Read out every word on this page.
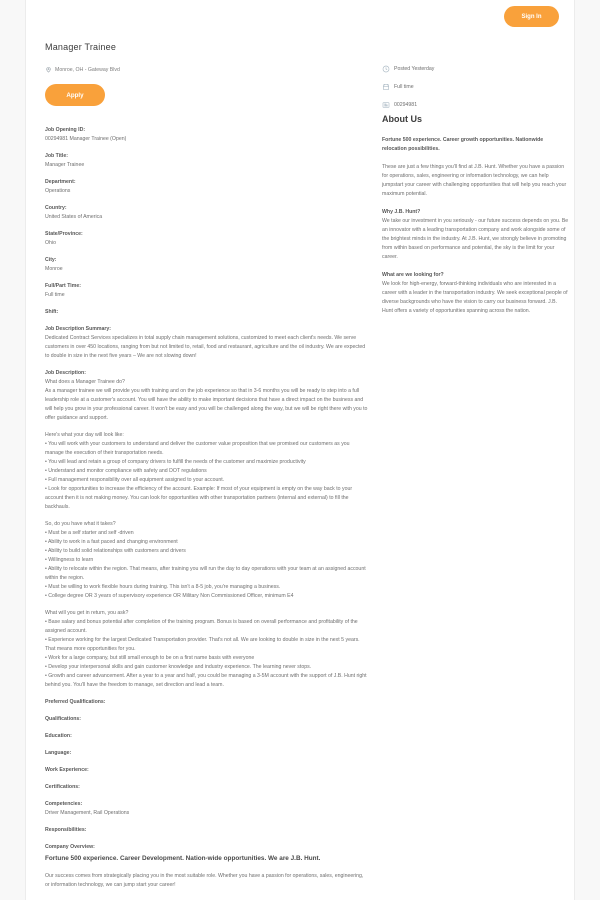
Sign In
Manager Trainee
Monroe, OH - Gateway Blvd
Apply
Posted Yesterday
Full time
00294981
Job Opening ID:
00294981 Manager Trainee (Open)
Job Title:
Manager Trainee
Department:
Operations
Country:
United States of America
State/Province:
Ohio
City:
Monroe
Full/Part Time:
Full time
Shift:
Job Description Summary:
Dedicated Contract Services specializes in total supply chain management solutions, customized to meet each client's needs. We serve customers in over 450 locations, ranging from but not limited to, retail, food and restaurant, agriculture and the oil industry. We are expected to double in size in the next five years – We are not slowing down!
Job Description:
What does a Manager Trainee do?
As a manager trainee we will provide you with training and on the job experience so that in 3-6 months you will be ready to step into a full leadership role at a customer's account. You will have the ability to make important decisions that have a direct impact on the business and will help you grow in your professional career. It won't be easy and you will be challenged along the way, but we will be right there with you to offer guidance and support.
Here's what your day will look like:
• You will work with your customers to understand and deliver the customer value proposition that we promised our customers as you manage the execution of their transportation needs.
• You will lead and retain a group of company drivers to fulfill the needs of the customer and maximize productivity
• Understand and monitor compliance with safety and DOT regulations
• Full management responsibility over all equipment assigned to your account.
• Look for opportunities to increase the efficiency of the account. Example: If most of your equipment is empty on the way back to your account then it is not making money. You can look for opportunities with other transportation partners (internal and external) to fill the backhauls.
So, do you have what it takes?
• Must be a self starter and self -driven
• Ability to work in a fast paced and changing environment
• Ability to build solid relationships with customers and drivers
• Willingness to learn
• Ability to relocate within the region. That means, after training you will run the day to day operations with your team at an assigned account within the region.
• Must be willing to work flexible hours during training. This isn't a 8-5 job, you're managing a business.
• College degree OR 3 years of supervisory experience OR Military Non Commissioned Officer, minimum E4
What will you get in return, you ask?
• Base salary and bonus potential after completion of the training program. Bonus is based on overall performance and profitability of the assigned account.
• Experience working for the largest Dedicated Transportation provider. That's not all. We are looking to double in size in the next 5 years. That means more opportunities for you.
• Work for a large company, but still small enough to be on a first name basis with everyone
• Develop your interpersonal skills and gain customer knowledge and industry experience. The learning never stops.
• Growth and career advancement. After a year to a year and half, you could be managing a 3-5M account with the support of J.B. Hunt right behind you. You'll have the freedom to manage, set direction and lead a team.
Preferred Qualifications:
Qualifications:
Education:
Language:
Work Experience:
Certifications:
Competencies:
Driver Management, Rail Operations
Responsibilities:
Company Overview:
Fortune 500 experience. Career Development. Nation-wide opportunities. We are J.B. Hunt.
Our success comes from strategically placing you in the most suitable role. Whether you have a passion for operations, sales, engineering, or information technology, we can jump start your career!
About Us
Fortune 500 experience. Career growth opportunities. Nationwide relocation possibilities.
These are just a few things you'll find at J.B. Hunt. Whether you have a passion for operations, sales, engineering or information technology, we can help jumpstart your career with challenging opportunities that will help you reach your maximum potential.
Why J.B. Hunt?
We take our investment in you seriously - our future success depends on you. Be an innovator with a leading transportation company and work alongside some of the brightest minds in the industry. At J.B. Hunt, we strongly believe in promoting from within based on performance and potential, the sky is the limit for your career.
What are we looking for?
We look for high-energy, forward-thinking individuals who are interested in a career with a leader in the transportation industry. We seek exceptional people of diverse backgrounds who have the vision to carry our business forward. J.B. Hunt offers a variety of opportunities spanning across the nation.
